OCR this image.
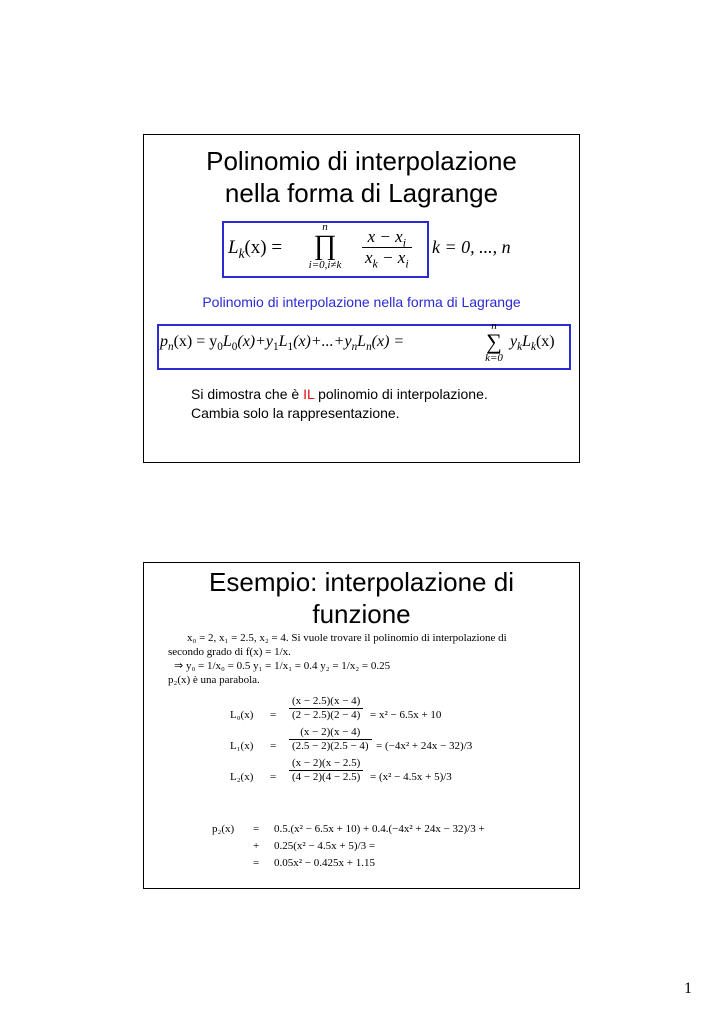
Polinomio di interpolazione
nella forma di Lagrange
$L_k(x)$ =
n
∏
i=0,i≠k	$\frac{x - x_i}{x_k - x_i}$ k = 0, ..., n
Polinomio di interpolazione nella forma di Lagrange
$p_n(x) = y_0L_0(x)+y_1L_1(x)+...+y_nL_n(x)$ =
n
∑
k=0
$y_kL_k(x)$
Si dimostra che è IL polinomio di interpolazione.
Cambia solo la rappresentazione.
Esempio: interpolazione di
funzione
x₀ = 2, x₁ = 2.5, x₂ = 4. Si vuole trovare il polinomio di interpolazione di
secondo grado di f(x) = 1/x.
⇒ y₀ = 1/x₀ = 0.5 y₁ = 1/x₁ = 0.4 y₂ = 1/x₂ = 0.25
p₂(x) è una parabola.
$L_0(x) = \frac{(x - 2.5)(x - 4)}{(2 - 2.5)(2 - 4)} = x^2 - 6.5x + 10$
$L_1(x) = \frac{(x - 2)(x - 4)}{(2.5 - 2)(2.5 - 4)} = (-4x^2 + 24x - 32)/3$
$L_2(x) = \frac{(x - 2)(x - 2.5)}{(4 - 2)(4 - 2.5)} = (x^2 - 4.5x + 5)/3$
p₂(x) = 0.5.(x² − 6.5x + 10) + 0.4.(−4x² + 24x − 32)/3 +
+ 0.25(x² − 4.5x + 5)/3 =
= 0.05x² − 0.425x + 1.15
1
